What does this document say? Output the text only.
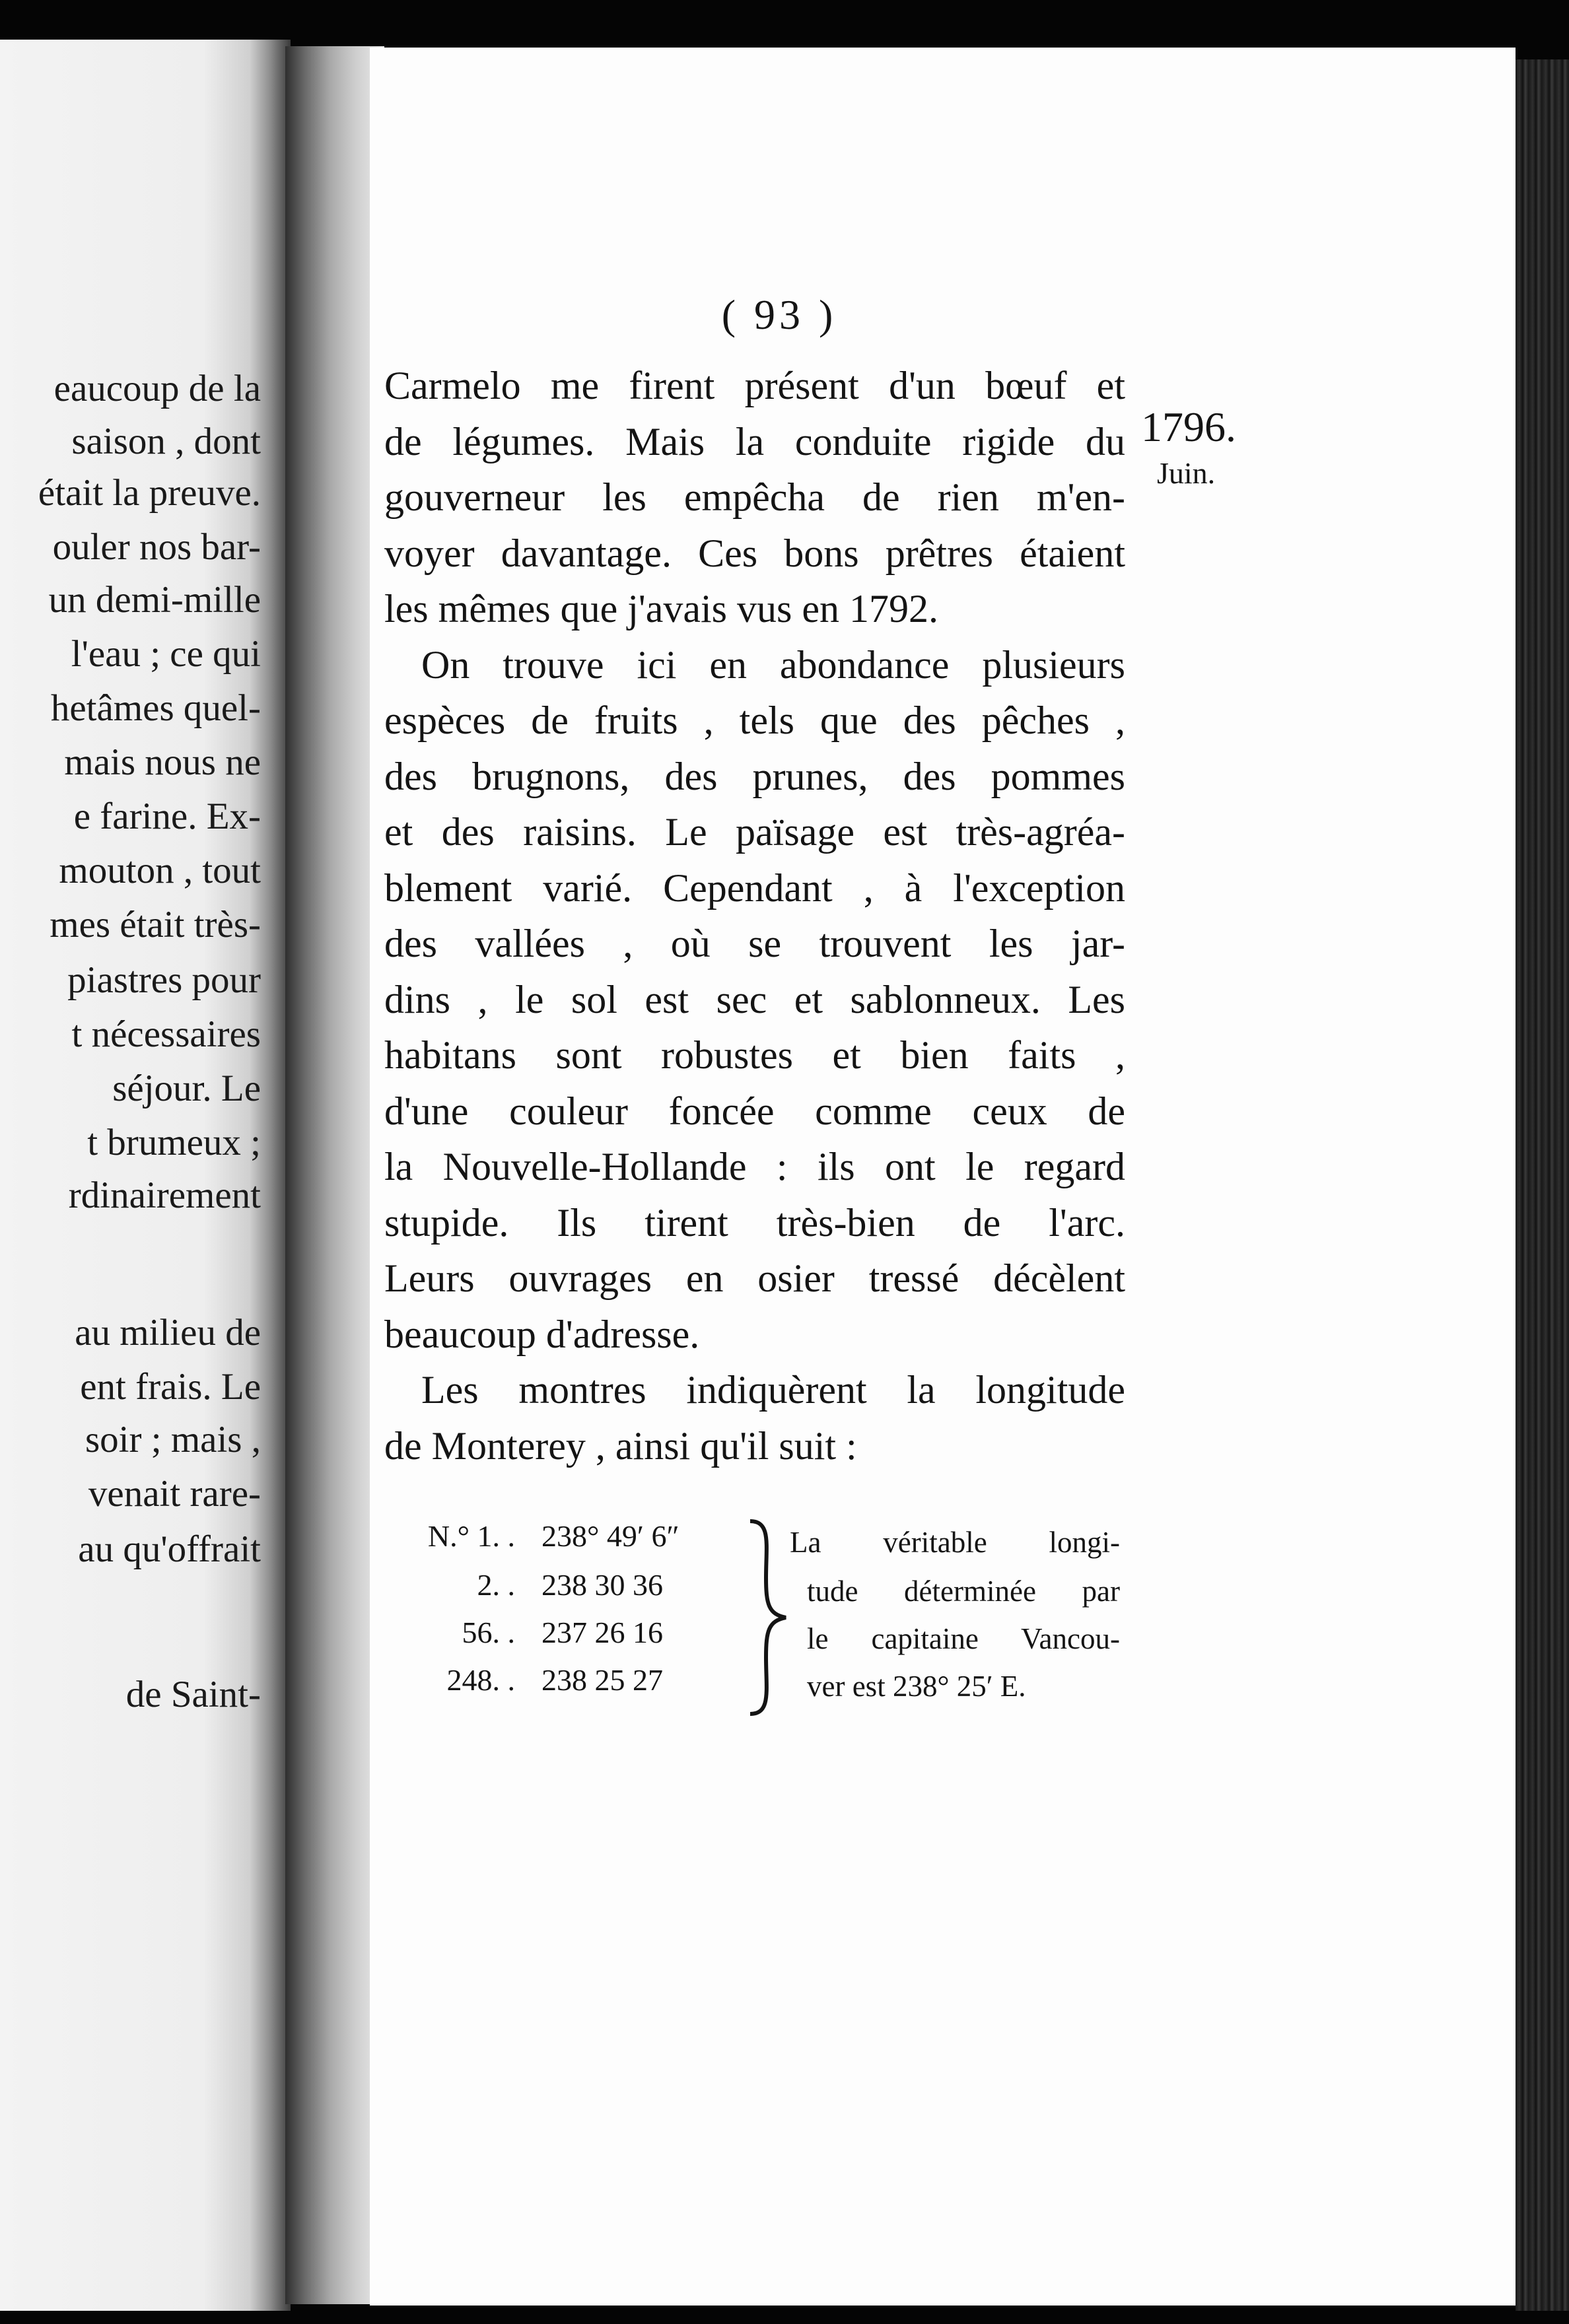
eaucoup de la
saison , dont
était la preuve.
ouler nos bar-
un demi-mille
l'eau ; ce qui
hetâmes quel-
mais nous ne
e farine. Ex-
mouton , tout
mes était très-
piastres pour
t nécessaires
séjour. Le
t brumeux ;
rdinairement
au milieu de
ent frais. Le
soir ; mais ,
venait rare-
au qu'offrait
de Saint-
( 93 )
1796.
Juin.
Carmelo me firent présent d'un bœuf et
de légumes. Mais la conduite rigide du
gouverneur les empêcha de rien m'en-
voyer davantage. Ces bons prêtres étaient
les mêmes que j'avais vus en 1792.
On trouve ici en abondance plusieurs
espèces de fruits , tels que des pêches ,
des brugnons, des prunes, des pommes
et des raisins. Le païsage est très-agréa-
blement varié. Cependant , à l'exception
des vallées , où se trouvent les jar-
dins , le sol est sec et sablonneux. Les
habitans sont robustes et bien faits ,
d'une couleur foncée comme ceux de
la Nouvelle-Hollande : ils ont le regard
stupide. Ils tirent très-bien de l'arc.
Leurs ouvrages en osier tressé décèlent
beaucoup d'adresse.
Les montres indiquèrent la longitude
de Monterey , ainsi qu'il suit :
N.° 1. . 238° 49′ 6″
2. . 238 30 36
56. . 237 26 16
248. . 238 25 27
La véritable longi-
tude déterminée par
le capitaine Vancou-
ver est 238° 25′ E.
